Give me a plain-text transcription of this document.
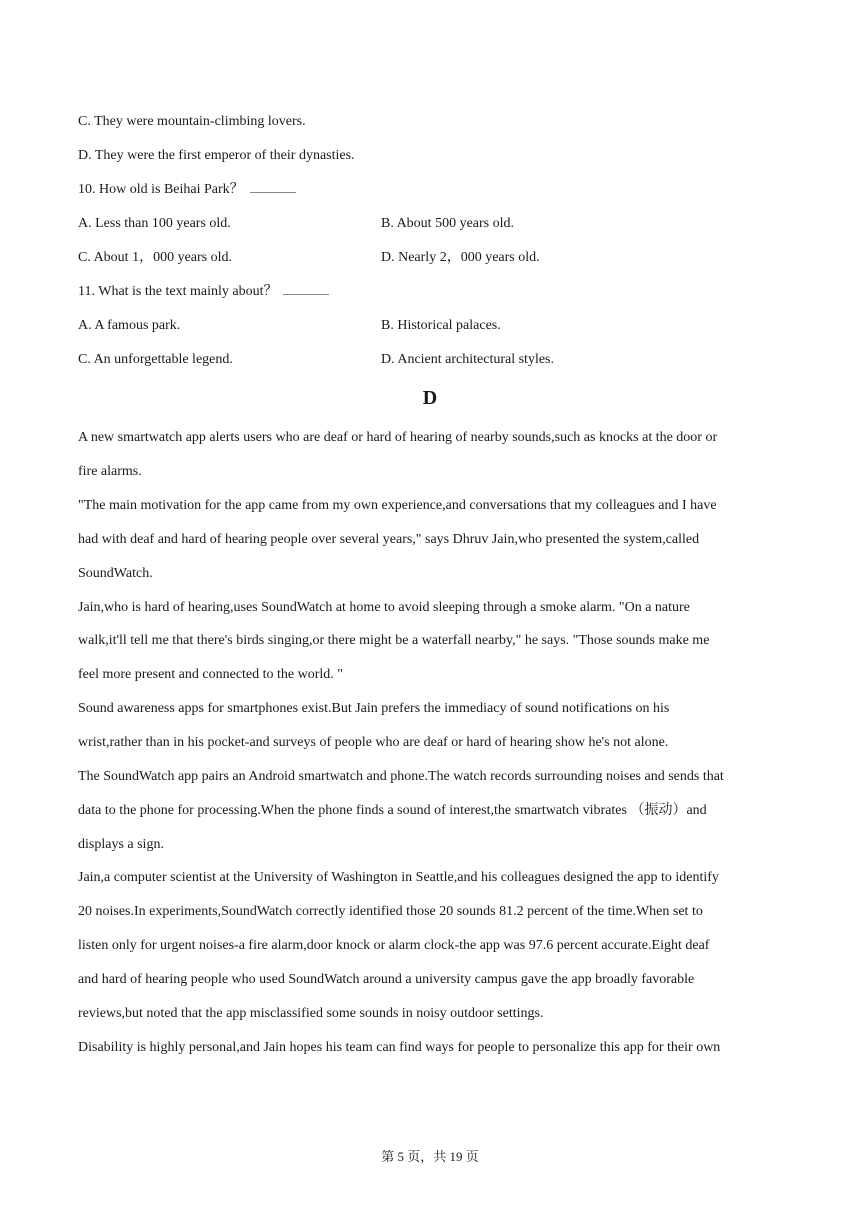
C. They were mountain-climbing lovers.
D. They were the first emperor of their dynasties.
10. How old is Beihai Park？
A. Less than 100 years old.	B. About 500 years old.
C. About 1，000 years old.	D. Nearly 2，000 years old.
11. What is the text mainly about？
A. A famous park.	B. Historical palaces.
C. An unforgettable legend.	D. Ancient architectural styles.
D
A new smartwatch app alerts users who are deaf or hard of hearing of nearby sounds,such as knocks at the door or
fire alarms.
"The main motivation for the app came from my own experience,and conversations that my colleagues and I have
had with deaf and hard of hearing people over several years," says Dhruv Jain,who presented the system,called
SoundWatch.
Jain,who is hard of hearing,uses SoundWatch at home to avoid sleeping through a smoke alarm. "On a nature
walk,it'll tell me that there's birds singing,or there might be a waterfall nearby," he says. "Those sounds make me
feel more present and connected to the world. "
Sound awareness apps for smartphones exist.But Jain prefers the immediacy of sound notifications on his
wrist,rather than in his pocket-and surveys of people who are deaf or hard of hearing show he's not alone.
The SoundWatch app pairs an Android smartwatch and phone.The watch records surrounding noises and sends that
data to the phone for processing.When the phone finds a sound of interest,the smartwatch vibrates （振动）and
displays a sign.
Jain,a computer scientist at the University of Washington in Seattle,and his colleagues designed the app to identify
20 noises.In experiments,SoundWatch correctly identified those 20 sounds 81.2 percent of the time.When set to
listen only for urgent noises-a fire alarm,door knock or alarm clock-the app was 97.6 percent accurate.Eight deaf
and hard of hearing people who used SoundWatch around a university campus gave the app broadly favorable
reviews,but noted that the app misclassified some sounds in noisy outdoor settings.
Disability is highly personal,and Jain hopes his team can find ways for people to personalize this app for their own
第 5 页，共 19 页
